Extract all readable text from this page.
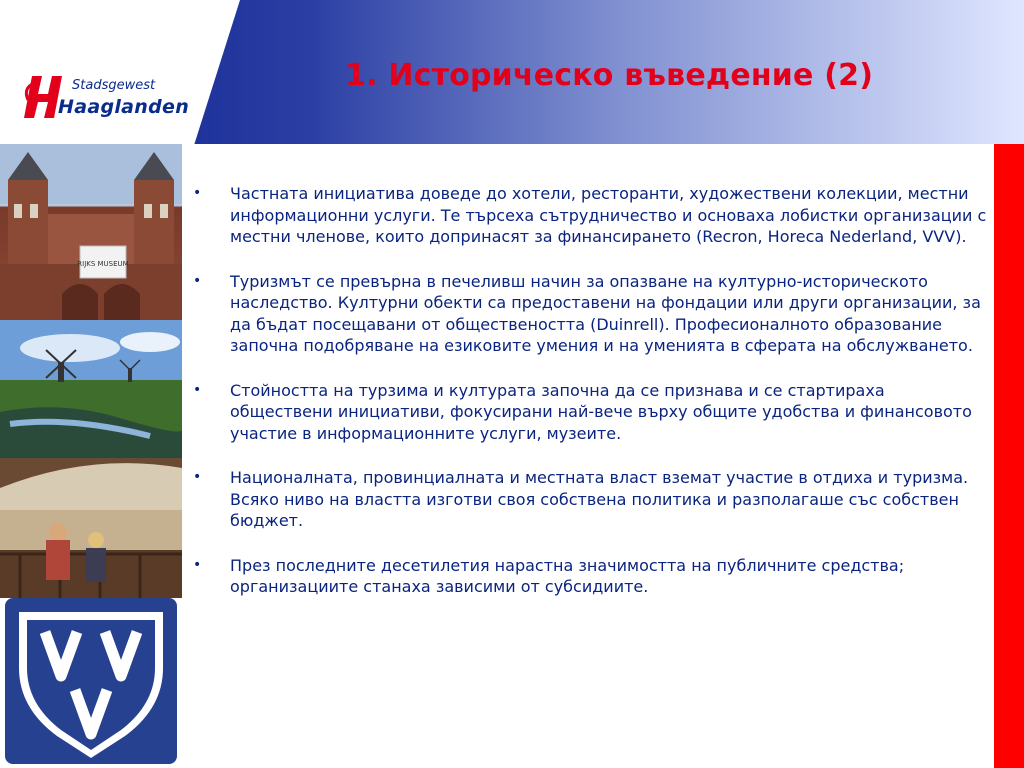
Stadsgewest
Haaglanden
1. Историческо въведение (2)
RIJKS MUSEUM
• Частната инициатива доведе до хотели, ресторанти, художествени колекции, местни информационни услуги. Те търсеха сътрудничество и основаха лобистки организации с местни членове, които допринасят за финансирането (Recron, Horeca Nederland, VVV).
• Туризмът се превърна в печеливш начин за опазване на културно-историческото наследство. Културни обекти са предоставени на фондации или други организации, за да бъдат посещавани от обществеността (Duinrell). Професионалното образование започна подобряване на езиковите умения и на уменията в сферата на обслужването.
• Стойността на турзима и културата започна да се признава и се стартираха обществени инициативи, фокусирани най-вече върху общите удобства и финансовото участие в информационните услуги, музеите.
• Националната, провинциалната и местната власт вземат участие в отдиха и туризма. Всяко ниво на властта изготви своя собствена политика и разполагаше със собствен бюджет.
• През последните десетилетия нарастна значимостта на публичните средства; организациите станаха зависими от субсидиите.
